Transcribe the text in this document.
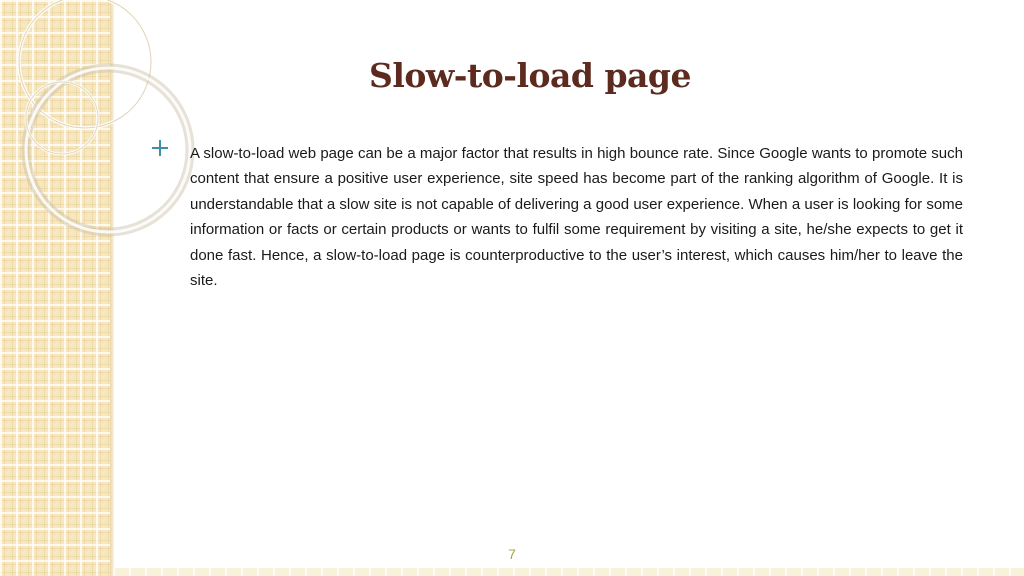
Slow-to-load page

A slow-to-load web page can be a major factor that results in high bounce rate. Since Google wants to promote such content that ensure a positive user experience, site speed has become part of the ranking algorithm of Google. It is understandable that a slow site is not capable of delivering a good user experience. When a user is looking for some information or facts or certain products or wants to fulfil some requirement by visiting a site, he/she expects to get it done fast. Hence, a slow-to-load page is counterproductive to the user’s interest, which causes him/her to leave the site.

7
